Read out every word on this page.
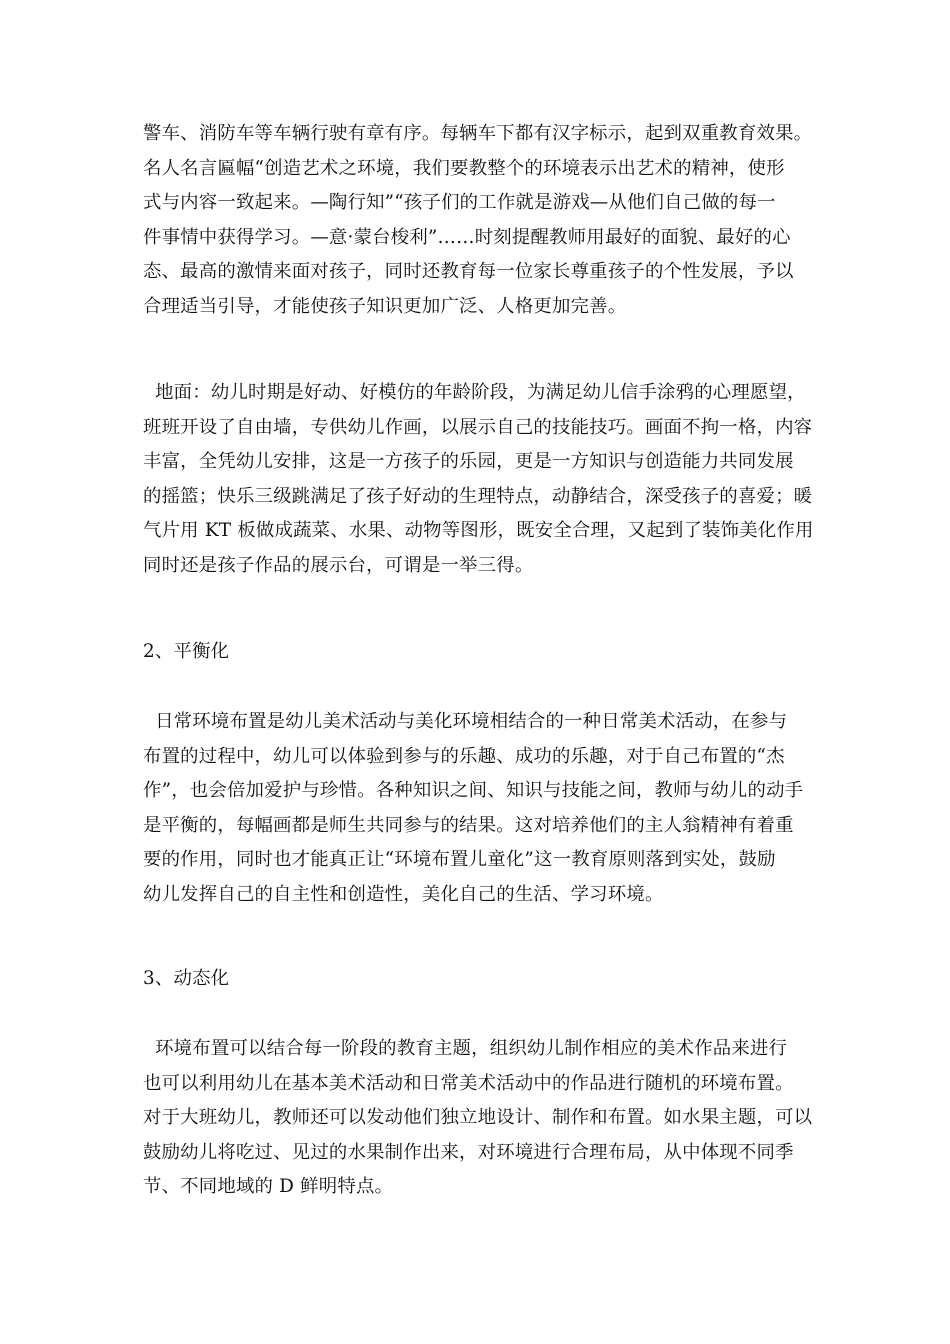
警车、消防车等车辆行驶有章有序。每辆车下都有汉字标示，起到双重教育效果。
名人名言匾幅“创造艺术之环境，我们要教整个的环境表示出艺术的精神，使形
式与内容一致起来。—陶行知”“孩子们的工作就是游戏—从他们自己做的每一
件事情中获得学习。—意·蒙台梭利”……时刻提醒教师用最好的面貌、最好的心
态、最高的激情来面对孩子，同时还教育每一位家长尊重孩子的个性发展，予以
合理适当引导，才能使孩子知识更加广泛、人格更加完善。
地面：幼儿时期是好动、好模仿的年龄阶段，为满足幼儿信手涂鸦的心理愿望，
班班开设了自由墙，专供幼儿作画，以展示自己的技能技巧。画面不拘一格，内容
丰富，全凭幼儿安排，这是一方孩子的乐园，更是一方知识与创造能力共同发展
的摇篮；快乐三级跳满足了孩子好动的生理特点，动静结合，深受孩子的喜爱；暖
气片用 KT 板做成蔬菜、水果、动物等图形，既安全合理，又起到了装饰美化作用
同时还是孩子作品的展示台，可谓是一举三得。
2、平衡化
日常环境布置是幼儿美术活动与美化环境相结合的一种日常美术活动，在参与
布置的过程中，幼儿可以体验到参与的乐趣、成功的乐趣，对于自己布置的“杰
作”，也会倍加爱护与珍惜。各种知识之间、知识与技能之间，教师与幼儿的动手
是平衡的，每幅画都是师生共同参与的结果。这对培养他们的主人翁精神有着重
要的作用，同时也才能真正让“环境布置儿童化”这一教育原则落到实处，鼓励
幼儿发挥自己的自主性和创造性，美化自己的生活、学习环境。
3、动态化
环境布置可以结合每一阶段的教育主题，组织幼儿制作相应的美术作品来进行
也可以利用幼儿在基本美术活动和日常美术活动中的作品进行随机的环境布置。
对于大班幼儿，教师还可以发动他们独立地设计、制作和布置。如水果主题，可以
鼓励幼儿将吃过、见过的水果制作出来，对环境进行合理布局，从中体现不同季
节、不同地域的 D 鲜明特点。
